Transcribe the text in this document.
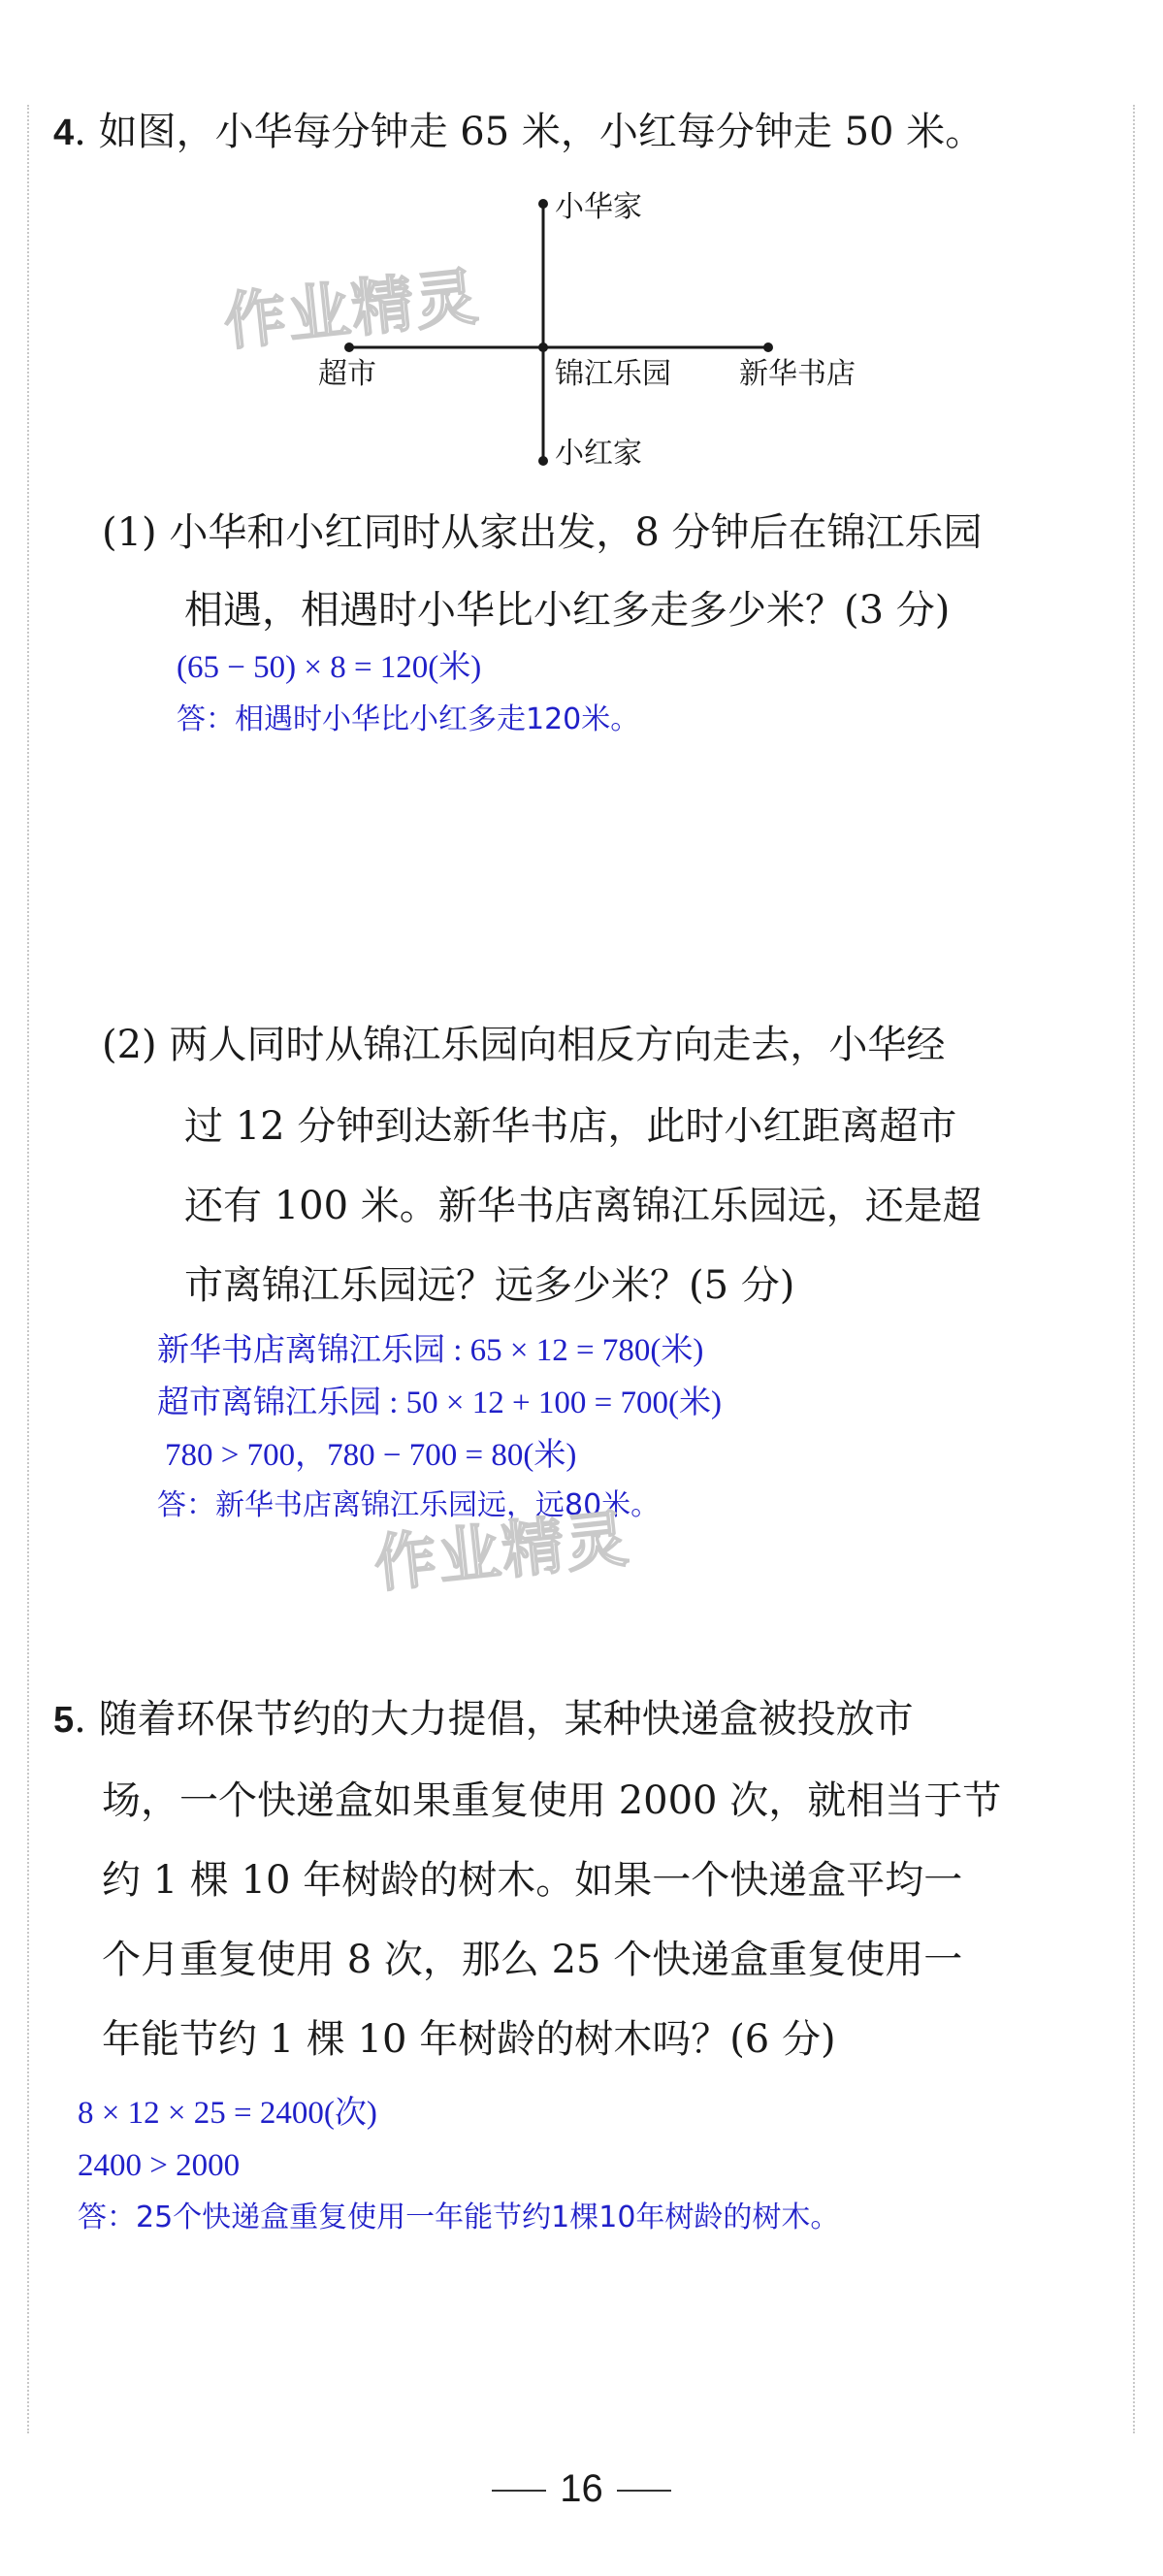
4. 如图，小华每分钟走 65 米，小红每分钟走 50 米。
小华家
小红家
超市	锦江乐园 新华书店
作业精灵
(1) 小华和小红同时从家出发，8 分钟后在锦江乐园
相遇，相遇时小华比小红多走多少米？(3 分)
(65 − 50) × 8 = 120(米)
答：相遇时小华比小红多走120米。
(2) 两人同时从锦江乐园向相反方向走去，小华经
过 12 分钟到达新华书店，此时小红距离超市
还有 100 米。新华书店离锦江乐园远，还是超
市离锦江乐园远？远多少米？(5 分)
新华书店离锦江乐园 : 65 × 12 = 780(米)
超市离锦江乐园 : 50 × 12 + 100 = 700(米)
780 > 700，780 − 700 = 80(米)
答：新华书店离锦江乐园远，远80米。
作业精灵
5. 随着环保节约的大力提倡，某种快递盒被投放市
场，一个快递盒如果重复使用 2000 次，就相当于节
约 1 棵 10 年树龄的树木。如果一个快递盒平均一
个月重复使用 8 次，那么 25 个快递盒重复使用一
年能节约 1 棵 10 年树龄的树木吗？(6 分)
8 × 12 × 25 = 2400(次)
2400 > 2000
答：25个快递盒重复使用一年能节约1棵10年树龄的树木。
16
